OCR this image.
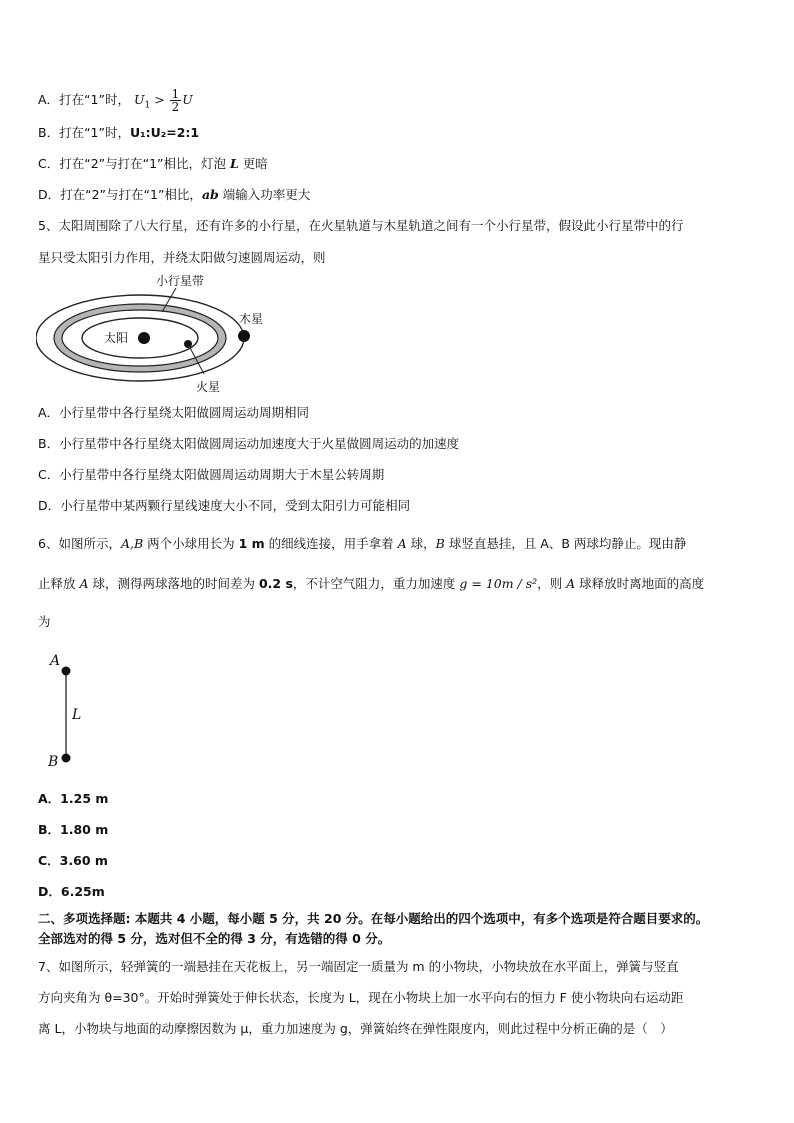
A．打在“1”时， $U_1 > \frac{1}{2}$ U
B．打在“1”时，U₁:U₂=2:1
C．打在“2”与打在“1”相比，灯泡 L 更暗
D．打在“2”与打在“1”相比，ab 端输入功率更大
5、太阳周围除了八大行星，还有许多的小行星，在火星轨道与木星轨道之间有一个小行星带，假设此小行星带中的行
星只受太阳引力作用，并绕太阳做匀速圆周运动，则
太阳
火星
小行星带
木星
A．小行星带中各行星绕太阳做圆周运动周期相同
B．小行星带中各行星绕太阳做圆周运动加速度大于火星做圆周运动的加速度
C．小行星带中各行星绕太阳做圆周运动周期大于木星公转周期
D．小行星带中某两颗行星线速度大小不同，受到太阳引力可能相同
6、如图所示，A,B 两个小球用长为 1 m 的细线连接，用手拿着 A 球，B 球竖直悬挂，且 A、B 两球均静止。现由静
止释放 A 球，测得两球落地的时间差为 0.2 s，不计空气阻力，重力加速度 g = 10m / s²，则 A 球释放时离地面的高度
为
A
L
B
A．1.25 m
B．1.80 m
C．3.60 m
D．6.25m
二、多项选择题: 本题共 4 小题，每小题 5 分，共 20 分。在每小题给出的四个选项中，有多个选项是符合题目要求的。
全部选对的得 5 分，选对但不全的得 3 分，有选错的得 0 分。
7、如图所示，轻弹簧的一端悬挂在天花板上，另一端固定一质量为 m 的小物块，小物块放在水平面上，弹簧与竖直
方向夹角为 θ=30°。开始时弹簧处于伸长状态，长度为 L，现在小物块上加一水平向右的恒力 F 使小物块向右运动距
离 L，小物块与地面的动摩擦因数为 μ，重力加速度为 g，弹簧始终在弹性限度内，则此过程中分析正确的是（　）
